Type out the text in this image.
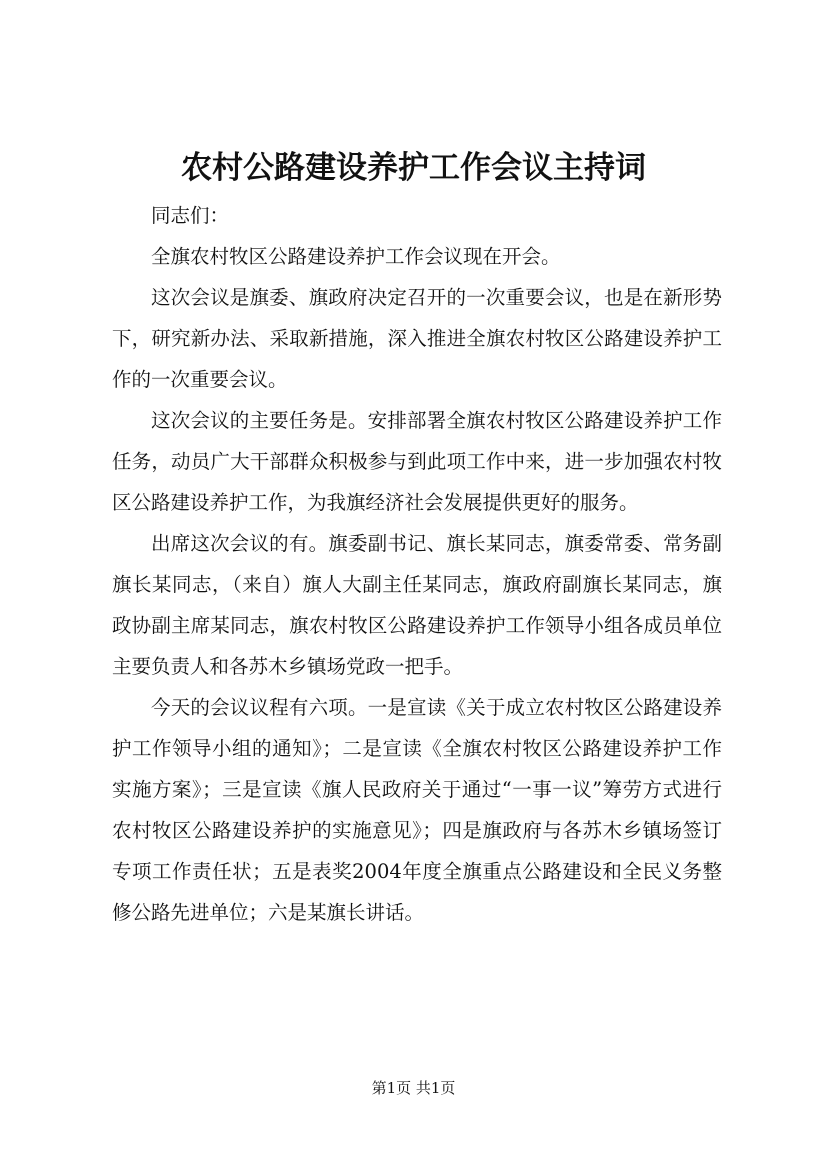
农村公路建设养护工作会议主持词

同志们：

全旗农村牧区公路建设养护工作会议现在开会。

这次会议是旗委、旗政府决定召开的一次重要会议，也是在新形势下，研究新办法、采取新措施，深入推进全旗农村牧区公路建设养护工作的一次重要会议。

这次会议的主要任务是。安排部署全旗农村牧区公路建设养护工作任务，动员广大干部群众积极参与到此项工作中来，进一步加强农村牧区公路建设养护工作，为我旗经济社会发展提供更好的服务。

出席这次会议的有。旗委副书记、旗长某同志，旗委常委、常务副旗长某同志，（来自）旗人大副主任某同志，旗政府副旗长某同志，旗政协副主席某同志，旗农村牧区公路建设养护工作领导小组各成员单位主要负责人和各苏木乡镇场党政一把手。

今天的会议议程有六项。一是宣读《关于成立农村牧区公路建设养护工作领导小组的通知》；二是宣读《全旗农村牧区公路建设养护工作实施方案》；三是宣读《旗人民政府关于通过“一事一议”筹劳方式进行农村牧区公路建设养护的实施意见》；四是旗政府与各苏木乡镇场签订专项工作责任状；五是表奖2004年度全旗重点公路建设和全民义务整修公路先进单位；六是某旗长讲话。

第1页 共1页
